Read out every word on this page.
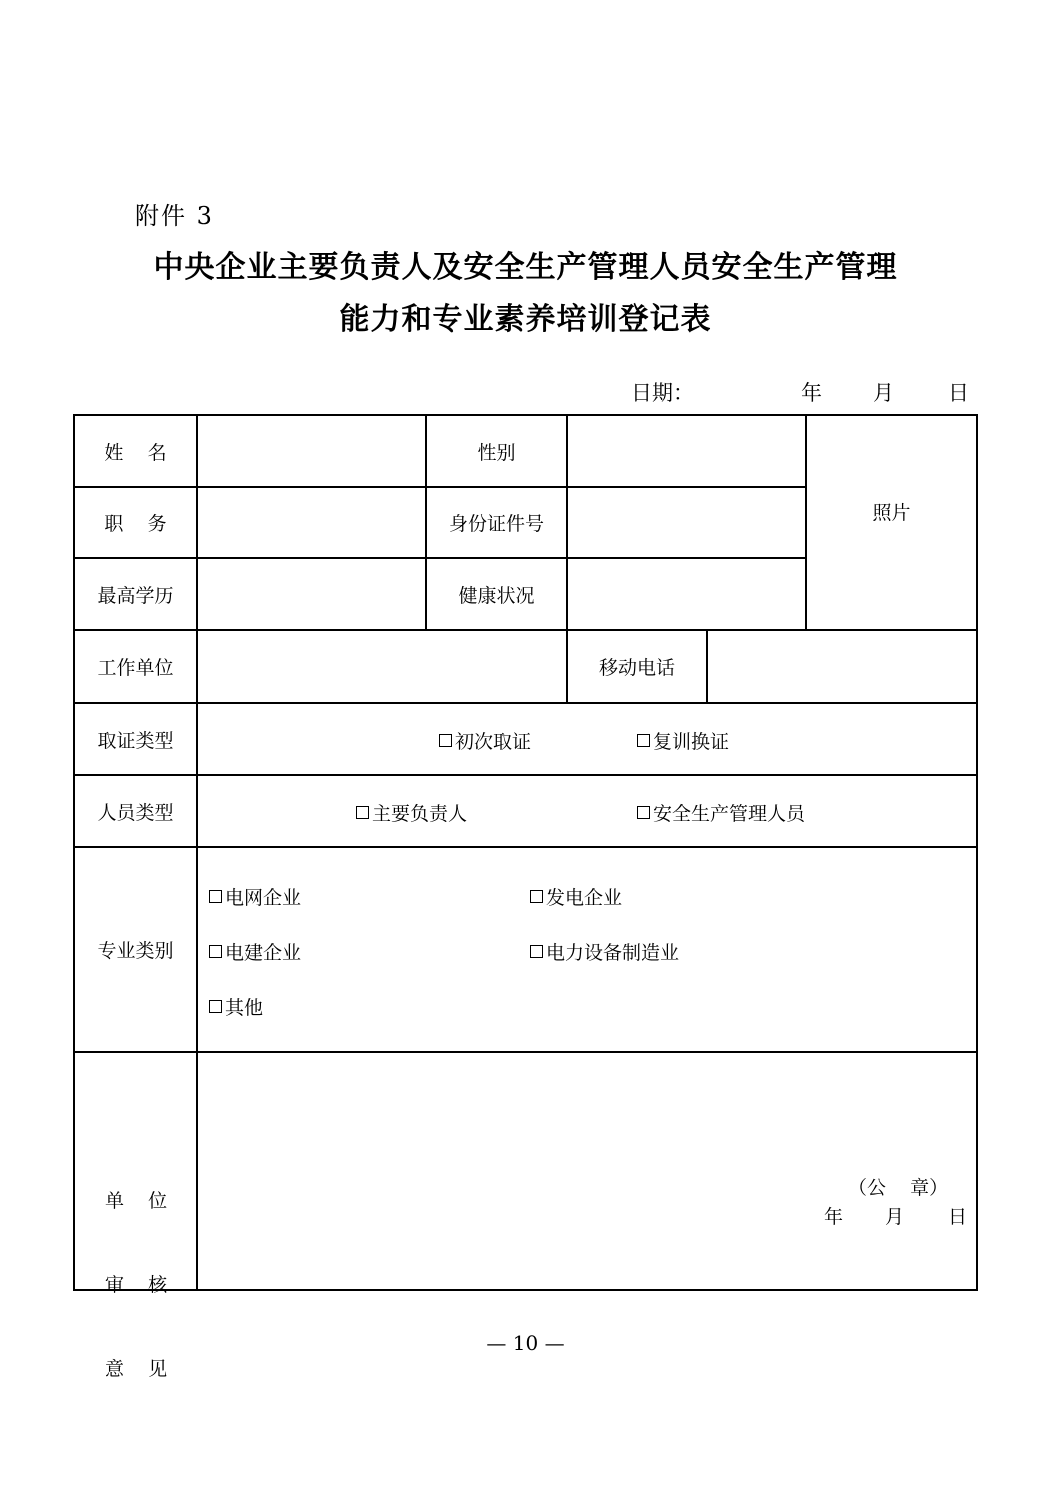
附件 3
中央企业主要负责人及安全生产管理人员安全生产管理
能力和专业素养培训登记表
日期：	年 月	日
姓    名	性别
照片
职    务	身份证件号
最高学历	健康状况
工作单位	移动电话
取证类型	初次取证	复训换证
人员类型	主要负责人	安全生产管理人员
专业类别
电网企业	发电企业
电建企业	电力设备制造业
其他

单    位

审    核

意    见

（公    章）
年 月 日
— 10 —
